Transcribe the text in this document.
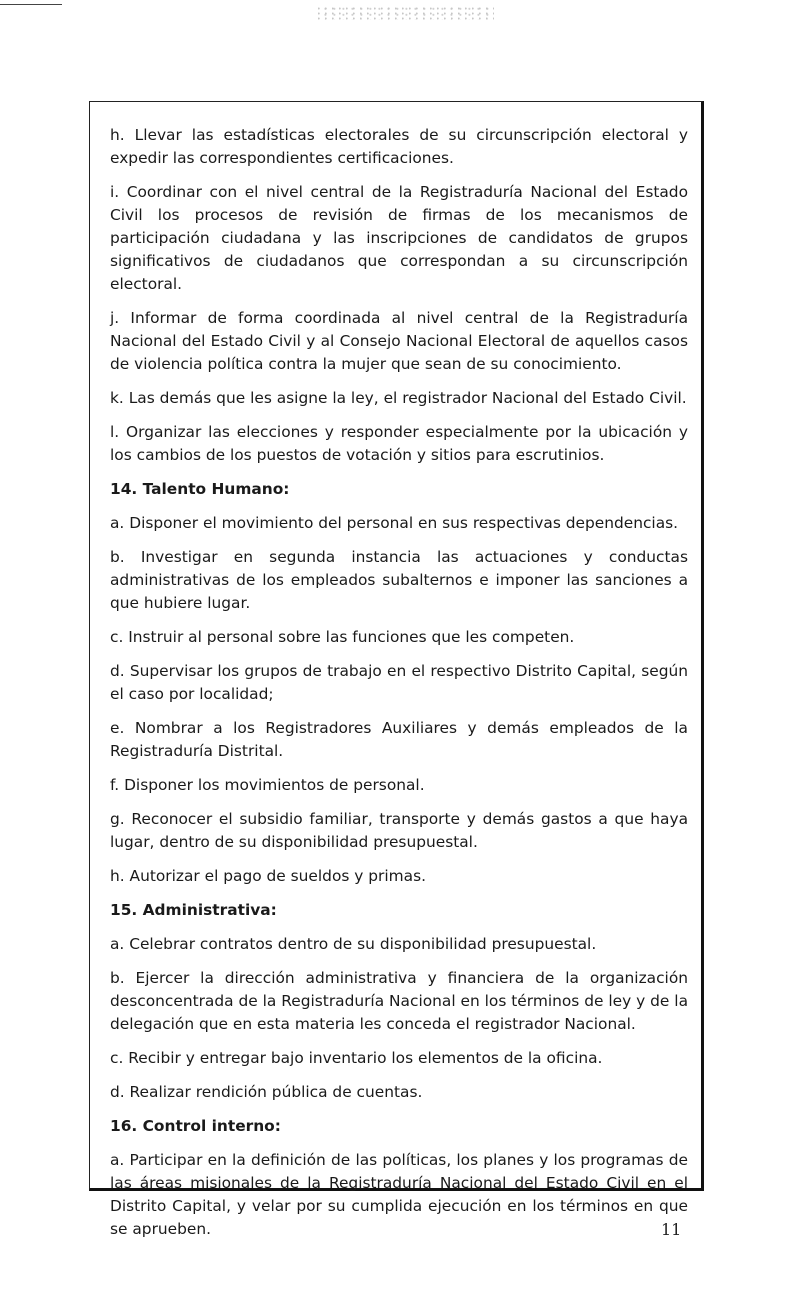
h. Llevar las estadísticas electorales de su circunscripción electoral y expedir las correspondientes certificaciones.

i. Coordinar con el nivel central de la Registraduría Nacional del Estado Civil los procesos de revisión de firmas de los mecanismos de participación ciudadana y las inscripciones de candidatos de grupos significativos de ciudadanos que correspondan a su circunscripción electoral.

j. Informar de forma coordinada al nivel central de la Registraduría Nacional del Estado Civil y al Consejo Nacional Electoral de aquellos casos de violencia política contra la mujer que sean de su conocimiento.

k. Las demás que les asigne la ley, el registrador Nacional del Estado Civil.

l. Organizar las elecciones y responder especialmente por la ubicación y los cambios de los puestos de votación y sitios para escrutinios.

14. Talento Humano:

a. Disponer el movimiento del personal en sus respectivas dependencias.

b. Investigar en segunda instancia las actuaciones y conductas administrativas de los empleados subalternos e imponer las sanciones a que hubiere lugar.

c. Instruir al personal sobre las funciones que les competen.

d. Supervisar los grupos de trabajo en el respectivo Distrito Capital, según el caso por localidad;

e. Nombrar a los Registradores Auxiliares y demás empleados de la Registraduría Distrital.

f. Disponer los movimientos de personal.

g. Reconocer el subsidio familiar, transporte y demás gastos a que haya lugar, dentro de su disponibilidad presupuestal.

h. Autorizar el pago de sueldos y primas.

15. Administrativa:

a. Celebrar contratos dentro de su disponibilidad presupuestal.

b. Ejercer la dirección administrativa y financiera de la organización desconcentrada de la Registraduría Nacional en los términos de ley y de la delegación que en esta materia les conceda el registrador Nacional.

c. Recibir y entregar bajo inventario los elementos de la oficina.

d. Realizar rendición pública de cuentas.

16. Control interno:

a. Participar en la definición de las políticas, los planes y los programas de las áreas misionales de la Registraduría Nacional del Estado Civil en el Distrito Capital, y velar por su cumplida ejecución en los términos en que se aprueben.	11
